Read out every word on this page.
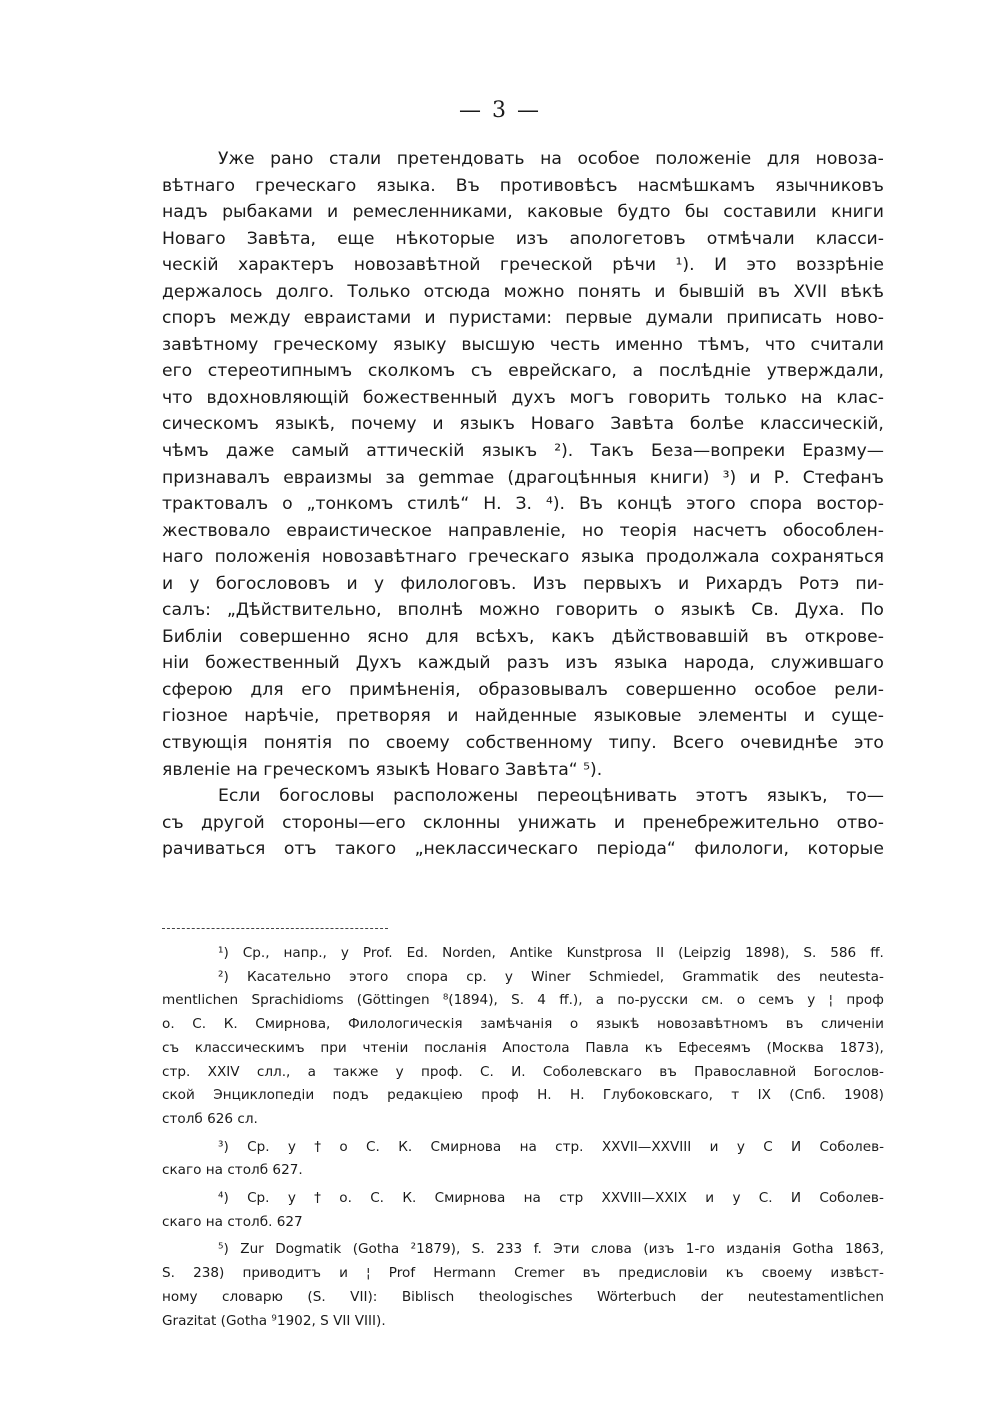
— 3 —
Уже рано стали претендовать на особое положенie для новоза-
вѣтнаго греческаго языка. Въ противовѣсъ насмѣшкамъ язычниковъ
надъ рыбаками и ремесленниками, каковые будто бы составили книги
Новаго Завѣта, еще нѣкоторые изъ апологетовъ отмѣчали класси-
ческiй характеръ новозавѣтной греческой рѣчи ¹). И это воззрѣнie
держалось долго. Только отсюда можно понять и бывшiй въ XVII вѣкѣ
споръ между евраистами и пуристами: первые думали приписать ново-
завѣтному греческому языку высшую честь именно тѣмъ, что считали
его стереотипнымъ сколкомъ съ еврейскаго, а послѣднie утверждали,
что вдохновляющiй божественный духъ могъ говорить только на клас-
сическомъ языкѣ, почему и языкъ Новаго Завѣта болѣе классическiй,
чѣмъ даже самый аттическiй языкъ ²). Такъ Беза—вопреки Еразму—
признавалъ евраизмы за gemmae (драгоцѣнныя книги) ³) и Р. Стефанъ
трактовалъ о „тонкомъ стилѣ“ Н. З. ⁴). Въ концѣ этого спора востор-
жествовало евраистическое направленie, но теорiя насчетъ обособлен-
наго положенiя новозавѣтнаго греческаго языка продолжала сохраняться
и у богослововъ и у филологовъ. Изъ первыхъ и Рихардъ Ротэ пи-
салъ: „Дѣйствительно, вполнѣ можно говорить о языкѣ Св. Духа. По
Библiи совершенно ясно для всѣхъ, какъ дѣйствовавшiй въ откровe-
нiи божественный Духъ каждый разъ изъ языка народа, служившаго
сферою для его примѣненiя, образовывалъ совершенно особое рели-
гiозное нарѣчie, претворяя и найденные языковые элементы и суще-
ствующiя понятiя по своему собственному типу. Всего очевиднѣе это
явленie на греческомъ языкѣ Новаго Завѣта“ ⁵).
Если богословы расположены переоцѣнивать этотъ языкъ, то—
съ другой стороны—его склонны унижать и пренебрежительно отво-
рачиваться отъ такого „неклассическаго перiода“ филологи, которые
¹) Ср., напр., у Prof. Ed. Norden, Antike Kunstprosa II (Leipzig 1898), S. 586 ff.
²) Касательно этого спора ср. у Winer Schmiedel, Grammatik des neutesta-
mentlichen Sprachidioms (Göttingen ⁸(1894), S. 4 ff.), а по-русски см. о семъ у ¦ проф
о. С. К. Смирнова, Филологическiя замѣчанiя о языкѣ новозавѣтномъ въ сличенiи
съ классическимъ при чтенiи посланiя Апостола Павла къ Ефесеямъ (Москва 1873),
стр. XXIV слл., а также у проф. С. И. Соболевскаго въ Православной Богослов-
ской Энциклопедiи подъ редакцiею проф Н. Н. Глубоковскаго, т IX (Спб. 1908)
столб 626 сл.
³) Ср. у † о С. К. Смирнова на стр. XXVII—XXVIII и у С И Соболев-
скаго на столб 627.
⁴) Ср. у † о. С. К. Смирнова на стр XXVIII—XXIX и у С. И Соболев-
скаго на столб. 627
⁵) Zur Dogmatik (Gotha ²1879), S. 233 f. Эти слова (изъ 1-го изданiя Gotha 1863,
S. 238) приводитъ и ¦ Prof Hermann Cremer въ предисловiи къ своему извѣст-
ному словарю (S. VII): Biblisch theologisches Wörterbuch der neutestamentlichen
Grazitat (Gotha ⁹1902, S VII VIII).
